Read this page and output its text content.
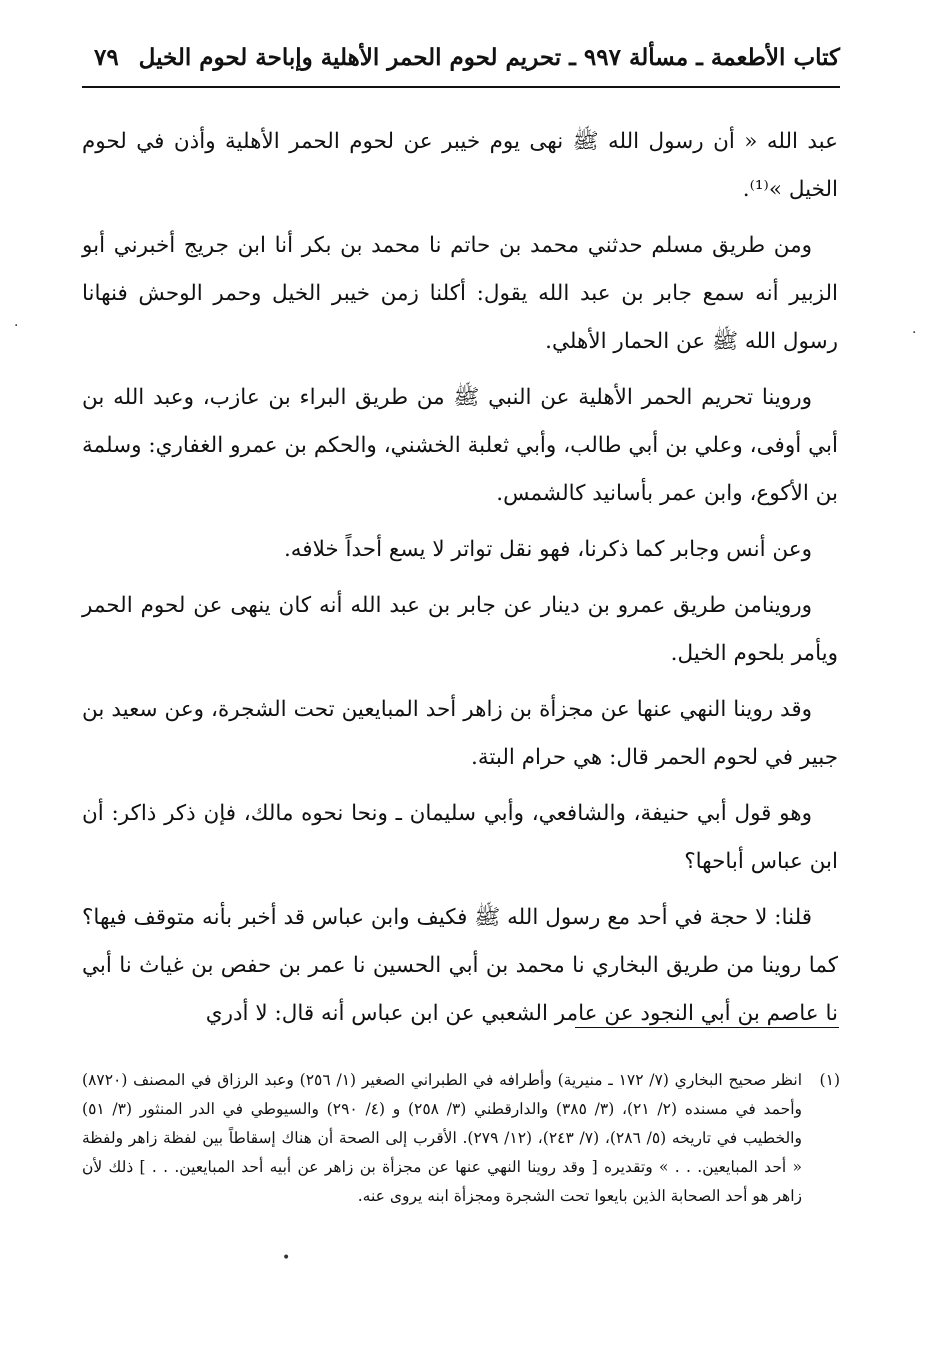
كتاب الأطعمة ـ مسألة ٩٩٧ ـ تحريم لحوم الحمر الأهلية وإباحة لحوم الخيل
٧٩

عبد الله « أن رسول الله ﷺ نهى يوم خيبر عن لحوم الحمر الأهلية وأذن في لحوم الخيل »⁽¹⁾.

ومن طريق مسلم حدثني محمد بن حاتم نا محمد بن بكر أنا ابن جريج أخبرني أبو الزبير أنه سمع جابر بن عبد الله يقول: أكلنا زمن خيبر الخيل وحمر الوحش فنهانا رسول الله ﷺ عن الحمار الأهلي.

وروينا تحريم الحمر الأهلية عن النبي ﷺ من طريق البراء بن عازب، وعبد الله بن أبي أوفى، وعلي بن أبي طالب، وأبي ثعلبة الخشني، والحكم بن عمرو الغفاري: وسلمة بن الأكوع، وابن عمر بأسانيد كالشمس.

وعن أنس وجابر كما ذكرنا، فهو نقل تواتر لا يسع أحداً خلافه.

وروينامن طريق عمرو بن دينار عن جابر بن عبد الله أنه كان ينهى عن لحوم الحمر ويأمر بلحوم الخيل.

وقد روينا النهي عنها عن مجزأة بن زاهر أحد المبايعين تحت الشجرة، وعن سعيد بن جبير في لحوم الحمر قال: هي حرام البتة.

وهو قول أبي حنيفة، والشافعي، وأبي سليمان ـ ونحا نحوه مالك، فإن ذكر ذاكر: أن ابن عباس أباحها؟

قلنا: لا حجة في أحد مع رسول الله ﷺ فكيف وابن عباس قد أخبر بأنه متوقف فيها؟ كما روينا من طريق البخاري نا محمد بن أبي الحسين نا عمر بن حفص بن غياث نا أبي نا عاصم بن أبي النجود عن عامر الشعبي عن ابن عباس أنه قال: لا أدري

(١)
انظر صحيح البخاري (٧/ ١٧٢ ـ منيرية) وأطرافه في الطبراني الصغير (١/ ٢٥٦) وعبد الرزاق في المصنف (٨٧٢٠) وأحمد في مسنده (٢/ ٢١)، (٣/ ٣٨٥) والدارقطني (٣/ ٢٥٨) و (٤/ ٢٩٠) والسيوطي في الدر المنثور (٣/ ٥١) والخطيب في تاريخه (٥/ ٢٨٦)، (٧/ ٢٤٣)، (١٢/ ٢٧٩). الأقرب إلى الصحة أن هناك إسقاطاً بين لفظة زاهر ولفظة « أحد المبايعين. . . » وتقديره [ وقد روينا النهي عنها عن مجزأة بن زاهر عن أبيه أحد المبايعين. . . ] ذلك لأن زاهر هو أحد الصحابة الذين بايعوا تحت الشجرة ومجزأة ابنه يروى عنه.

·	·
•
